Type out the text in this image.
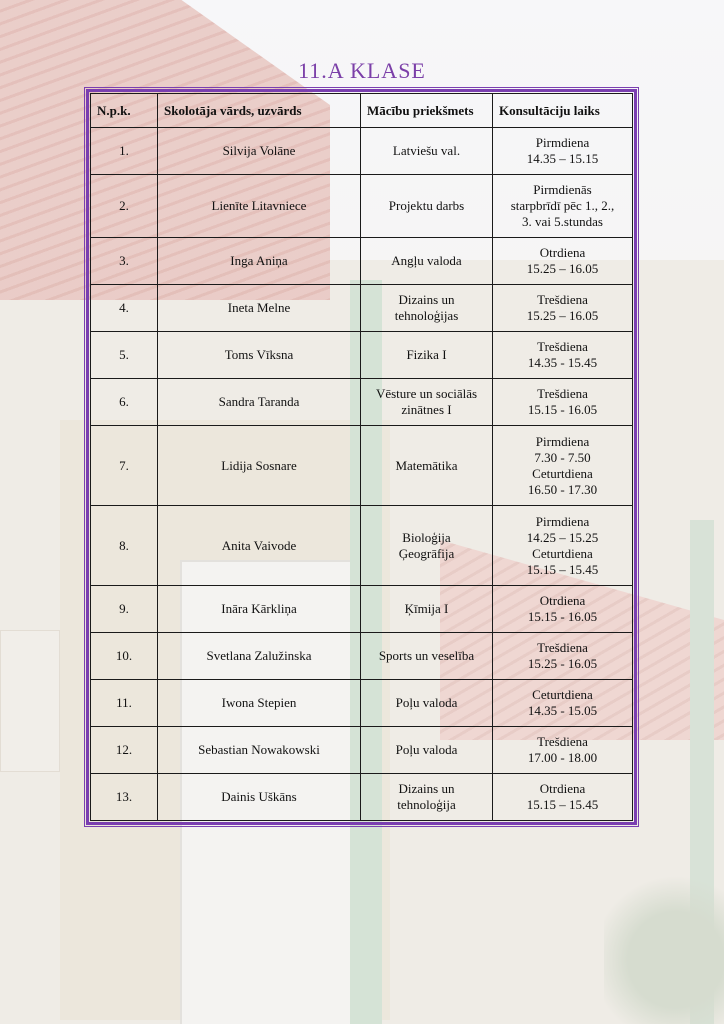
11.A KLASE
N.p.k.	Skolotāja vārds, uzvārds	Mācību priekšmets	Konsultāciju laiks
1.	Silvija Volāne	Latviešu val.	Pirmdiena
14.35 – 15.15

2.	Lienīte Litavniece	Projektu darbs	Pirmdienās
starpbrīdī pēc 1., 2.,
3. vai 5.stundas

3.	Inga Aniņa	Angļu valoda	Otrdiena
15.25 – 16.05

4.	Ineta Melne	Dizains un
tehnoloģijas	Trešdiena
15.25 – 16.05

5.	Toms Vīksna	Fizika I	Trešdiena
14.35 - 15.45

6.	Sandra Taranda	Vēsture un sociālās
zinātnes I	Trešdiena
15.15 - 16.05

7.	Lidija Sosnare	Matemātika	Pirmdiena
7.30 - 7.50
Ceturtdiena
16.50 - 17.30

8.	Anita Vaivode	Bioloģija
Ģeogrāfija	Pirmdiena
14.25 – 15.25
Ceturtdiena
15.15 – 15.45

9.	Ināra Kārkliņa	Ķīmija I	Otrdiena
15.15 - 16.05

10.	Svetlana Zalužinska	Sports un veselība	Trešdiena
15.25 - 16.05

11.	Iwona Stepien	Poļu valoda	Ceturtdiena
14.35 - 15.05

12.	Sebastian Nowakowski	Poļu valoda	Trešdiena
17.00 - 18.00

13.	Dainis Uškāns	Dizains un
tehnoloģija	Otrdiena
15.15 – 15.45
